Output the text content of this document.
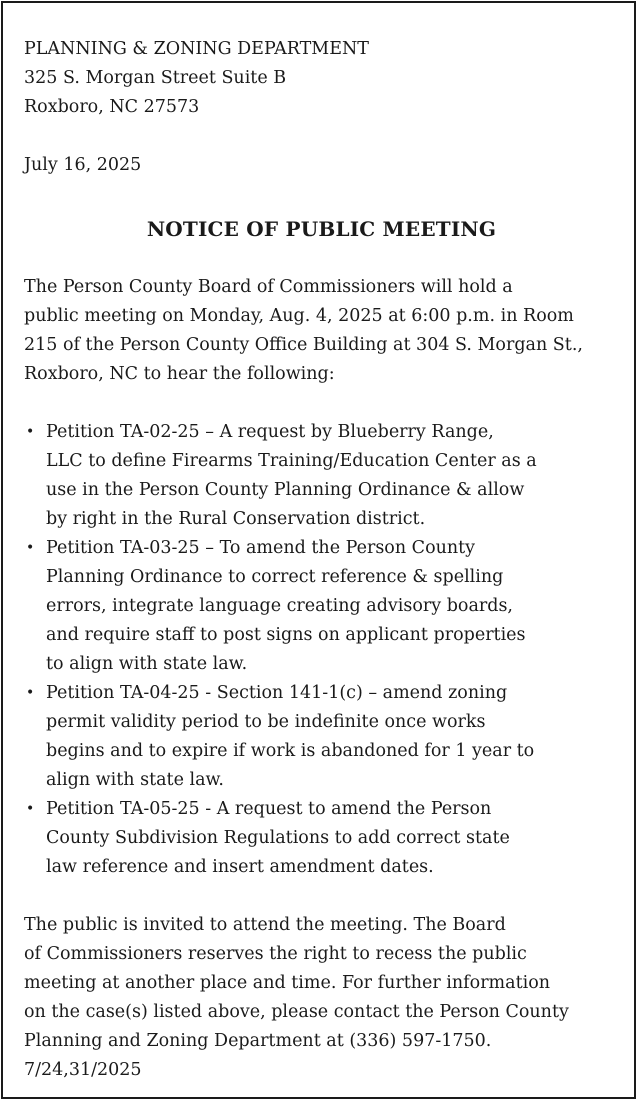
PLANNING & ZONING DEPARTMENT
325 S. Morgan Street Suite B
Roxboro, NC 27573
July 16, 2025
NOTICE OF PUBLIC MEETING
The Person County Board of Commissioners will hold a
public meeting on Monday, Aug. 4, 2025 at 6:00 p.m. in Room
215 of the Person County Office Building at 304 S. Morgan St.,
Roxboro, NC to hear the following:
• Petition TA-02-25 – A request by Blueberry Range,
LLC to define Firearms Training/Education Center as a
use in the Person County Planning Ordinance & allow
by right in the Rural Conservation district.
• Petition TA-03-25 – To amend the Person County
Planning Ordinance to correct reference & spelling
errors, integrate language creating advisory boards,
and require staff to post signs on applicant properties
to align with state law.
• Petition TA-04-25 - Section 141-1(c) – amend zoning
permit validity period to be indefinite once works
begins and to expire if work is abandoned for 1 year to
align with state law.
• Petition TA-05-25 - A request to amend the Person
County Subdivision Regulations to add correct state
law reference and insert amendment dates.
The public is invited to attend the meeting. The Board
of Commissioners reserves the right to recess the public
meeting at another place and time. For further information
on the case(s) listed above, please contact the Person County
Planning and Zoning Department at (336) 597-1750.
7/24,31/2025
